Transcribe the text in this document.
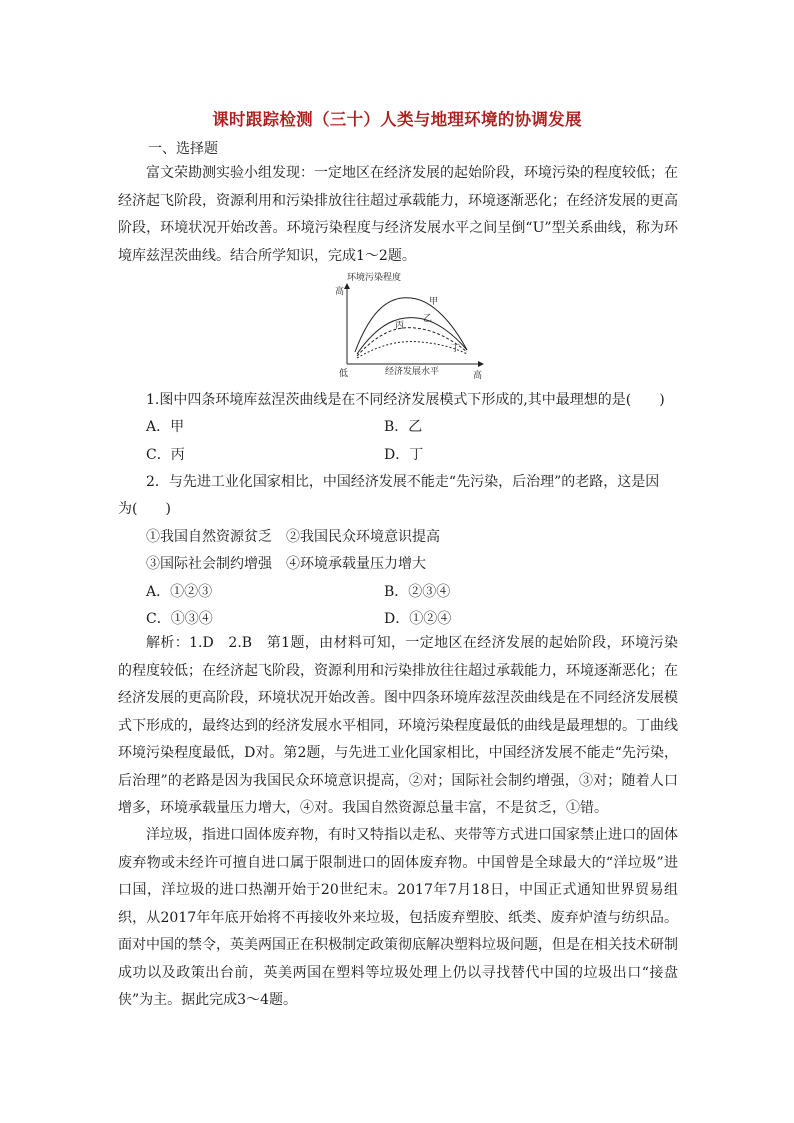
课时跟踪检测（三十）人类与地理环境的协调发展
一、选择题
富文荣勘测实验小组发现：一定地区在经济发展的起始阶段，环境污染的程度较低；在经济起飞阶段，资源利用和污染排放往往超过承载能力，环境逐渐恶化；在经济发展的更高阶段，环境状况开始改善。环境污染程度与经济发展水平之间呈倒“U”型关系曲线，称为环境库兹涅茨曲线。结合所学知识，完成1～2题。
环境污染程度
高
低	经济发展水平	高
甲
乙
丙
丁
1.图中四条环境库兹涅茨曲线是在不同经济发展模式下形成的,其中最理想的是(　　)
A．甲	B．乙
C．丙	D．丁
2．与先进工业化国家相比，中国经济发展不能走“先污染，后治理”的老路，这是因
为(　　)
①我国自然资源贫乏　②我国民众环境意识提高
③国际社会制约增强　④环境承载量压力增大
A．①②③	B．②③④
C．①③④	D．①②④
解析：1.D　2.B　第1题，由材料可知，一定地区在经济发展的起始阶段，环境污染的程度较低；在经济起飞阶段，资源利用和污染排放往往超过承载能力，环境逐渐恶化；在经济发展的更高阶段，环境状况开始改善。图中四条环境库兹涅茨曲线是在不同经济发展模式下形成的，最终达到的经济发展水平相同，环境污染程度最低的曲线是最理想的。丁曲线环境污染程度最低，D对。第2题，与先进工业化国家相比，中国经济发展不能走“先污染，后治理”的老路是因为我国民众环境意识提高，②对；国际社会制约增强，③对；随着人口增多，环境承载量压力增大，④对。我国自然资源总量丰富，不是贫乏，①错。
洋垃圾，指进口固体废弃物，有时又特指以走私、夹带等方式进口国家禁止进口的固体废弃物或未经许可擅自进口属于限制进口的固体废弃物。中国曾是全球最大的“洋垃圾”进口国，洋垃圾的进口热潮开始于20世纪末。2017年7月18日，中国正式通知世界贸易组织，从2017年年底开始将不再接收外来垃圾，包括废弃塑胶、纸类、废弃炉渣与纺织品。面对中国的禁令，英美两国正在积极制定政策彻底解决塑料垃圾问题，但是在相关技术研制成功以及政策出台前，英美两国在塑料等垃圾处理上仍以寻找替代中国的垃圾出口“接盘侠”为主。据此完成3～4题。
